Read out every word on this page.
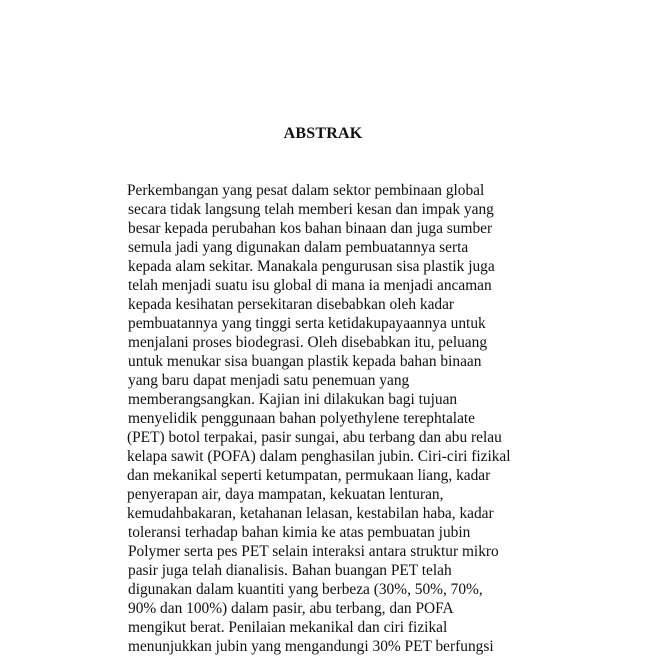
ABSTRAK
Perkembangan yang pesat dalam sektor pembinaan global
secara tidak langsung telah memberi kesan dan impak yang
besar kepada perubahan kos bahan binaan dan juga sumber
semula jadi yang digunakan dalam pembuatannya serta
kepada alam sekitar. Manakala pengurusan sisa plastik juga
telah menjadi suatu isu global di mana ia menjadi ancaman
kepada kesihatan persekitaran disebabkan oleh kadar
pembuatannya yang tinggi serta ketidakupayaannya untuk
menjalani proses biodegrasi. Oleh disebabkan itu, peluang
untuk menukar sisa buangan plastik kepada bahan binaan
yang baru dapat menjadi satu penemuan yang
memberangsangkan. Kajian ini dilakukan bagi tujuan
menyelidik penggunaan bahan polyethylene terephtalate
(PET) botol terpakai, pasir sungai, abu terbang dan abu relau
kelapa sawit (POFA) dalam penghasilan jubin. Ciri-ciri fizikal
dan mekanikal seperti ketumpatan, permukaan liang, kadar
penyerapan air, daya mampatan, kekuatan lenturan,
kemudahbakaran, ketahanan lelasan, kestabilan haba, kadar
toleransi terhadap bahan kimia ke atas pembuatan jubin
Polymer serta pes PET selain interaksi antara struktur mikro
pasir juga telah dianalisis. Bahan buangan PET telah
digunakan dalam kuantiti yang berbeza (30%, 50%, 70%,
90% dan 100%) dalam pasir, abu terbang, dan POFA
mengikut berat. Penilaian mekanikal dan ciri fizikal
menunjukkan jubin yang mengandungi 30% PET berfungsi
